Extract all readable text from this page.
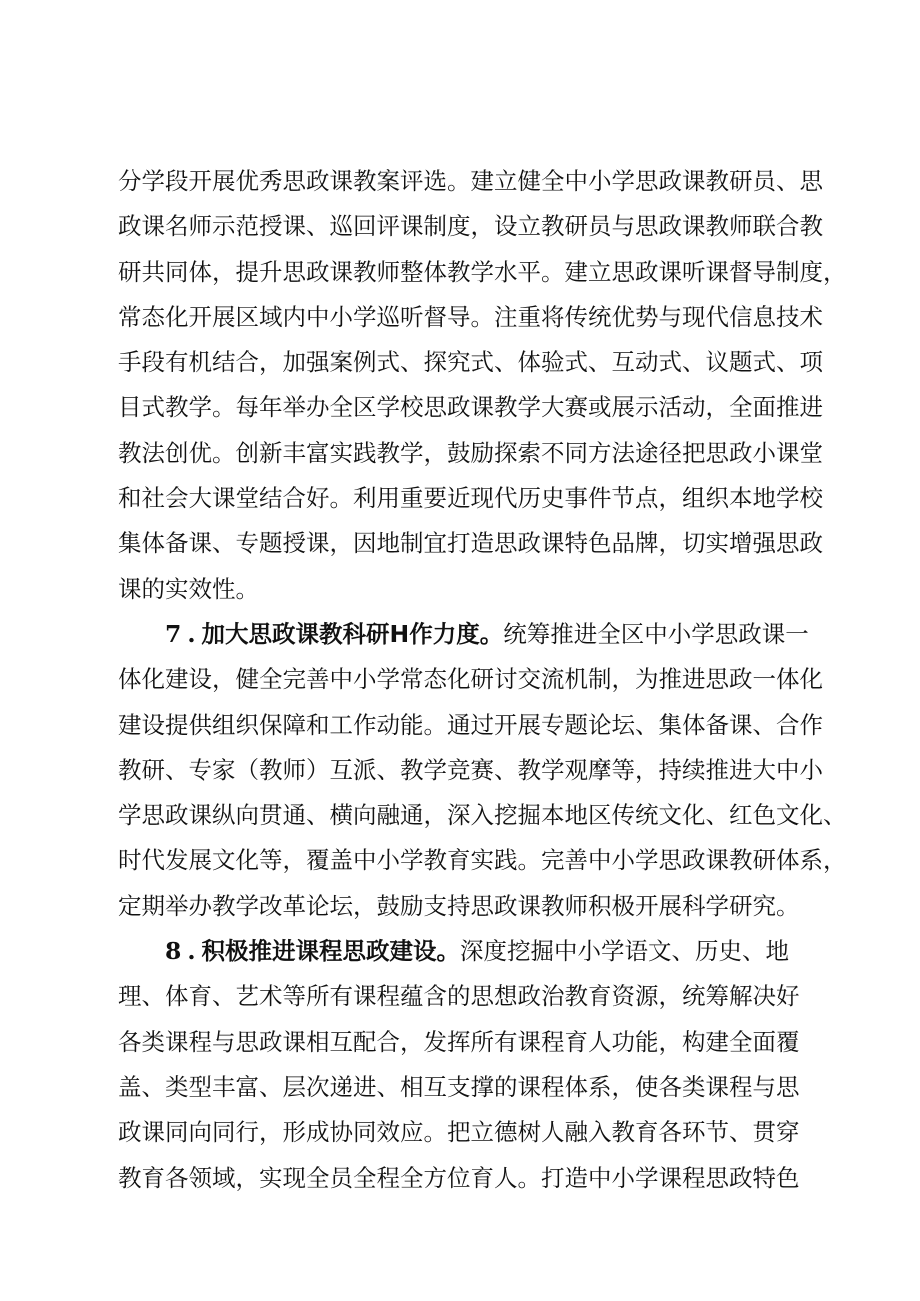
分学段开展优秀思政课教案评选。建立健全中小学思政课教研员、思
政课名师示范授课、巡回评课制度，设立教研员与思政课教师联合教
研共同体，提升思政课教师整体教学水平。建立思政课听课督导制度，
常态化开展区域内中小学巡听督导。注重将传统优势与现代信息技术
手段有机结合，加强案例式、探究式、体验式、互动式、议题式、项
目式教学。每年举办全区学校思政课教学大赛或展示活动，全面推进
教法创优。创新丰富实践教学，鼓励探索不同方法途径把思政小课堂
和社会大课堂结合好。利用重要近现代历史事件节点，组织本地学校
集体备课、专题授课，因地制宜打造思政课特色品牌，切实增强思政
课的实效性。
7 . 加大思政课教科研H作力度。统筹推进全区中小学思政课一
体化建设，健全完善中小学常态化研讨交流机制，为推进思政一体化
建设提供组织保障和工作动能。通过开展专题论坛、集体备课、合作
教研、专家（教师）互派、教学竞赛、教学观摩等，持续推进大中小
学思政课纵向贯通、横向融通，深入挖掘本地区传统文化、红色文化、
时代发展文化等，覆盖中小学教育实践。完善中小学思政课教研体系，
定期举办教学改革论坛，鼓励支持思政课教师积极开展科学研究。
8 . 积极推进课程思政建设。深度挖掘中小学语文、历史、地
理、体育、艺术等所有课程蕴含的思想政治教育资源，统筹解决好
各类课程与思政课相互配合，发挥所有课程育人功能，构建全面覆
盖、类型丰富、层次递进、相互支撑的课程体系，使各类课程与思
政课同向同行，形成协同效应。把立德树人融入教育各环节、贯穿
教育各领域，实现全员全程全方位育人。打造中小学课程思政特色
